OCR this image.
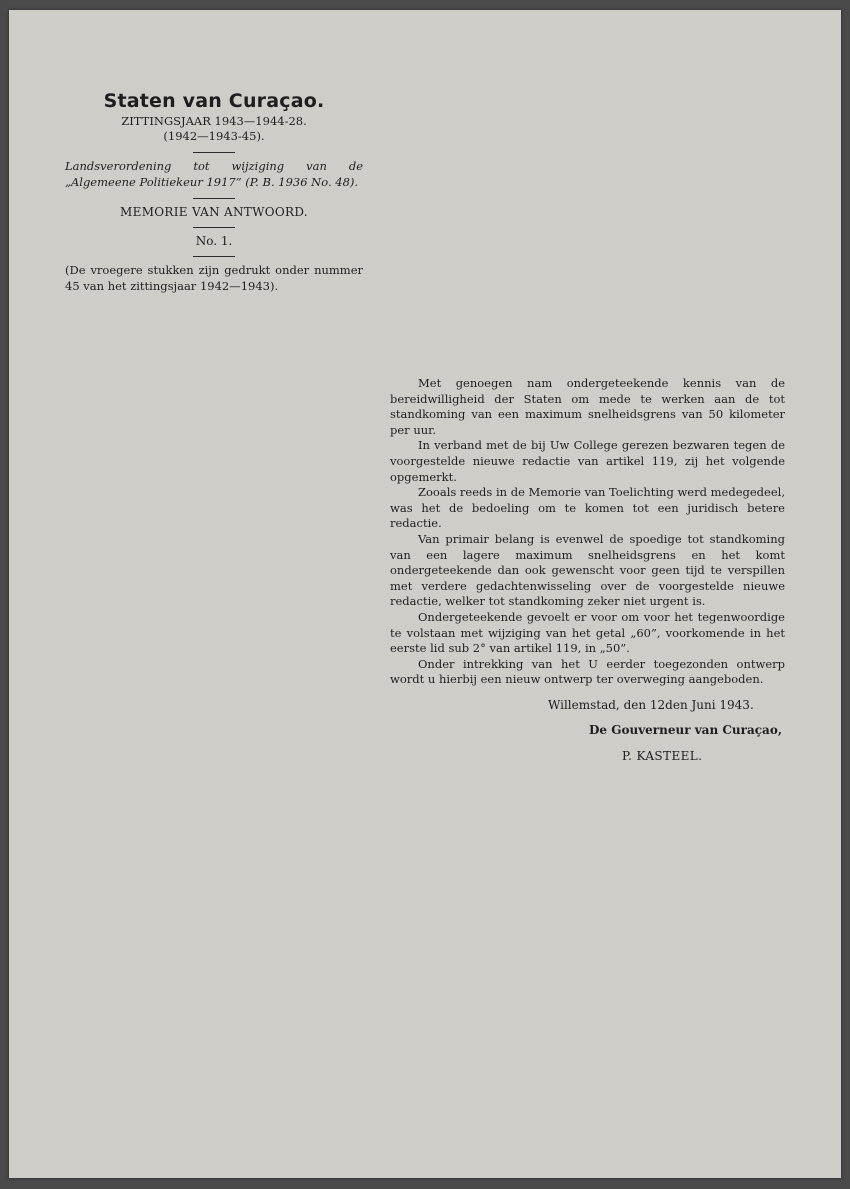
Staten van Curaçao.

ZITTINGSJAAR 1943—1944-28.

(1942—1943-45).

Landsverordening tot wijziging van de „Algemeene Politiekeur 1917” (P. B. 1936 No. 48).

MEMORIE VAN ANTWOORD.

No. 1.

(De vroegere stukken zijn gedrukt onder nummer 45 van het zittingsjaar 1942—1943).

Met genoegen nam ondergeteekende kennis van de bereidwilligheid der Staten om mede te werken aan de tot standkoming van een maximum snelheidsgrens van 50 kilometer per uur.

In verband met de bij Uw College gerezen bezwaren tegen de voorgestelde nieuwe redactie van artikel 119, zij het volgende opgemerkt.

Zooals reeds in de Memorie van Toelichting werd medegedeel, was het de bedoeling om te komen tot een juridisch betere redactie.

Van primair belang is evenwel de spoedige tot standkoming van een lagere maximum snelheidsgrens en het komt ondergeteekende dan ook gewenscht voor geen tijd te verspillen met verdere gedachtenwisseling over de voorgestelde nieuwe redactie, welker tot standkoming zeker niet urgent is.

Ondergeteekende gevoelt er voor om voor het tegenwoordige te volstaan met wijziging van het getal „60”, voorkomende in het eerste lid sub 2° van artikel 119, in „50”.

Onder intrekking van het U eerder toegezonden ontwerp wordt u hierbij een nieuw ontwerp ter overweging aangeboden.

Willemstad, den 12den Juni 1943.
De Gouverneur van Curaçao,
P. KASTEEL.
